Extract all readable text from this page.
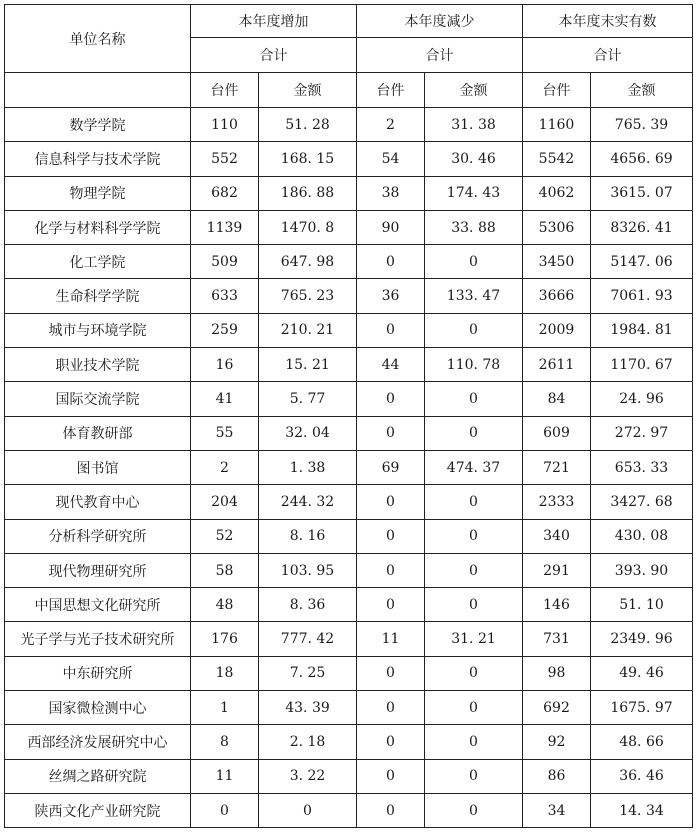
单位名称	本年度增加		本年度减少		本年度末实有数	
	合计		合计		合计	
	台件	金额	台件	金额	台件	金额
数学学院	110	51. 28	2	31. 38	1160	765. 39
信息科学与技术学院	552	168. 15	54	30. 46	5542	4656. 69
物理学院	682	186. 88	38	174. 43	4062	3615. 07
化学与材料科学学院	1139	1470. 8	90	33. 88	5306	8326. 41
化工学院	509	647. 98	0	0	3450	5147. 06
生命科学学院	633	765. 23	36	133. 47	3666	7061. 93
城市与环境学院	259	210. 21	0	0	2009	1984. 81
职业技术学院	16	15. 21	44	110. 78	2611	1170. 67
国际交流学院	41	5. 77	0	0	84	24. 96
体育教研部	55	32. 04	0	0	609	272. 97
图书馆	2	1. 38	69	474. 37	721	653. 33
现代教育中心	204	244. 32	0	0	2333	3427. 68
分析科学研究所	52	8. 16	0	0	340	430. 08
现代物理研究所	58	103. 95	0	0	291	393. 90
中国思想文化研究所	48	8. 36	0	0	146	51. 10
光子学与光子技术研究所	176	777. 42	11	31. 21	731	2349. 96
中东研究所	18	7. 25	0	0	98	49. 46
国家微检测中心	1	43. 39	0	0	692	1675. 97
西部经济发展研究中心	8	2. 18	0	0	92	48. 66
丝绸之路研究院	11	3. 22	0	0	86	36. 46
陕西文化产业研究院	0	0	0	0	34	14. 34
